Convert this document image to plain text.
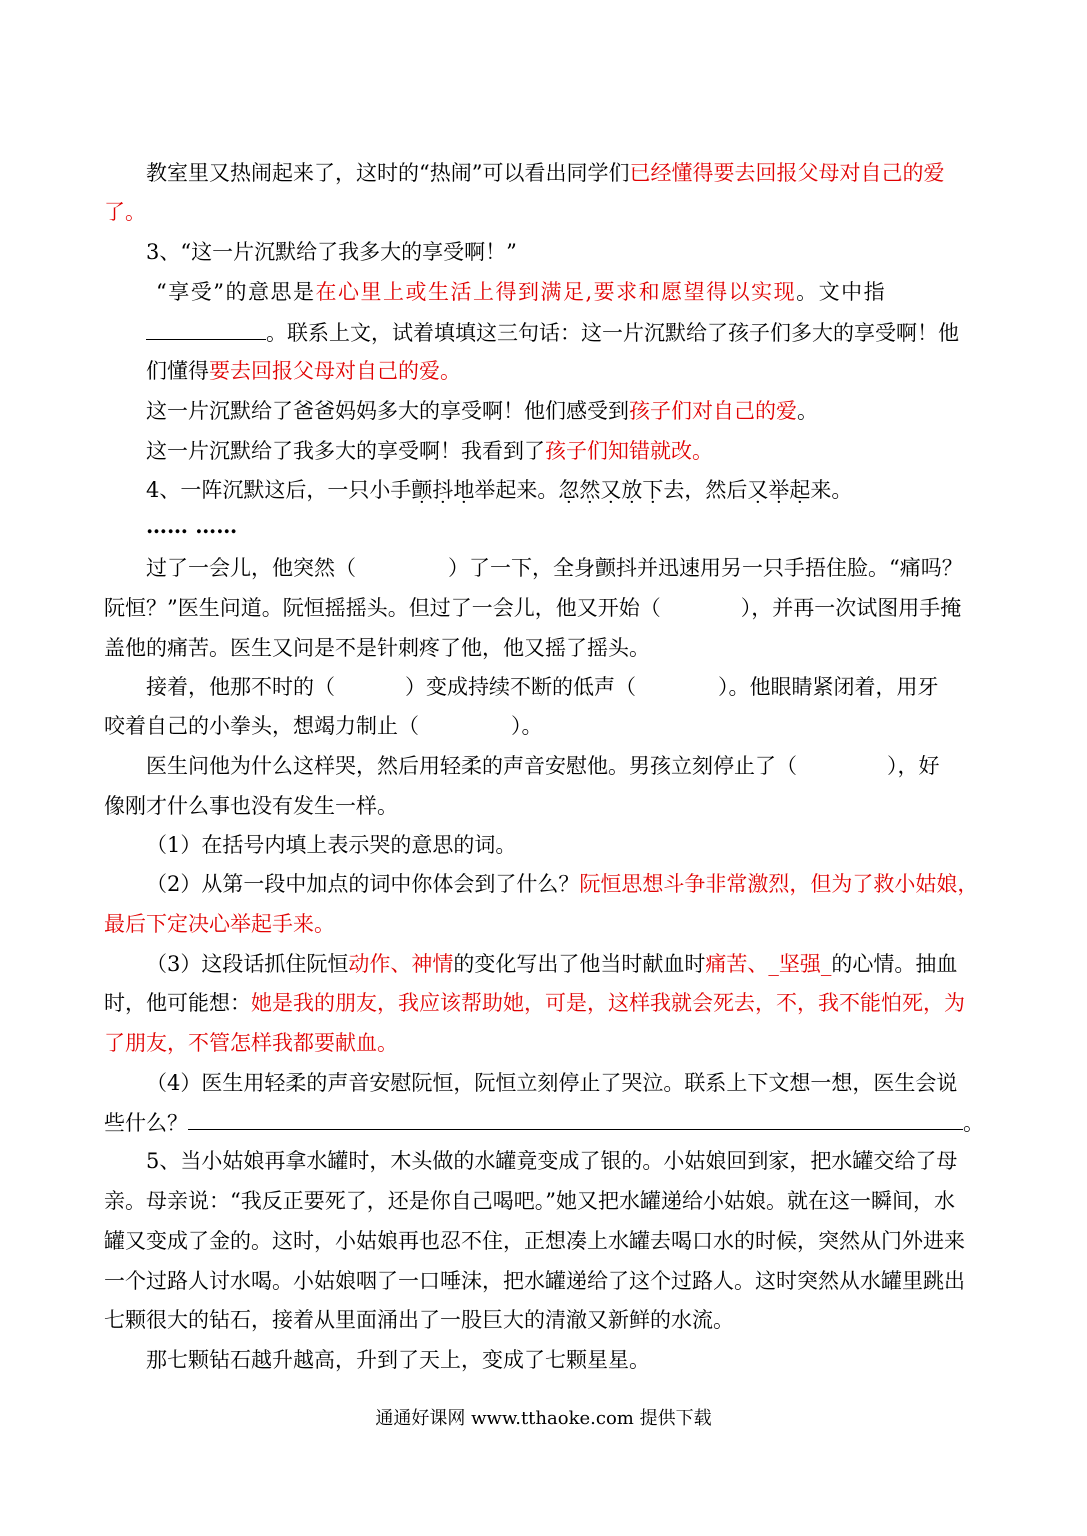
教室里又热闹起来了，这时的“热闹”可以看出同学们已经懂得要去回报父母对自己的爱
了。
3、“这一片沉默给了我多大的享受啊！”
“享受”的意思是在心里上或生活上得到满足,要求和愿望得以实现。文中指
。联系上文，试着填填这三句话：这一片沉默给了孩子们多大的享受啊！他
们懂得要去回报父母对自己的爱。
这一片沉默给了爸爸妈妈多大的享受啊！他们感受到孩子们对自己的爱。
这一片沉默给了我多大的享受啊！我看到了孩子们知错就改。
4、一阵沉默这后，一只小手颤抖地举起来。忽然又放下去，然后又举起来。
…… ……
过了一会儿，他突然（	）了一下，全身颤抖并迅速用另一只手捂住脸。“痛吗？
阮恒？”医生问道。阮恒摇摇头。但过了一会儿，他又开始（	），并再一次试图用手掩
盖他的痛苦。医生又问是不是针刺疼了他，他又摇了摇头。
接着，他那不时的（	）变成持续不断的低声（	）。他眼睛紧闭着，用牙
咬着自己的小拳头，想竭力制止（	）。
医生问他为什么这样哭，然后用轻柔的声音安慰他。男孩立刻停止了（	），好
像刚才什么事也没有发生一样。
（1）在括号内填上表示哭的意思的词。
（2）从第一段中加点的词中你体会到了什么？阮恒思想斗争非常激烈，但为了救小姑娘，
最后下定决心举起手来。
（3）这段话抓住阮恒动作、神情的变化写出了他当时献血时痛苦、_坚强_的心情。抽血
时，他可能想：她是我的朋友，我应该帮助她，可是，这样我就会死去，不，我不能怕死，为
了朋友，不管怎样我都要献血。
（4）医生用轻柔的声音安慰阮恒，阮恒立刻停止了哭泣。联系上下文想一想，医生会说
些什么？	。
5、当小姑娘再拿水罐时，木头做的水罐竟变成了银的。小姑娘回到家，把水罐交给了母
亲。母亲说：“我反正要死了，还是你自己喝吧。”她又把水罐递给小姑娘。就在这一瞬间，水
罐又变成了金的。这时，小姑娘再也忍不住，正想凑上水罐去喝口水的时候，突然从门外进来
一个过路人讨水喝。小姑娘咽了一口唾沫，把水罐递给了这个过路人。这时突然从水罐里跳出
七颗很大的钻石，接着从里面涌出了一股巨大的清澈又新鲜的水流。
那七颗钻石越升越高，升到了天上，变成了七颗星星。
通通好课网 www.tthaoke.com 提供下载
